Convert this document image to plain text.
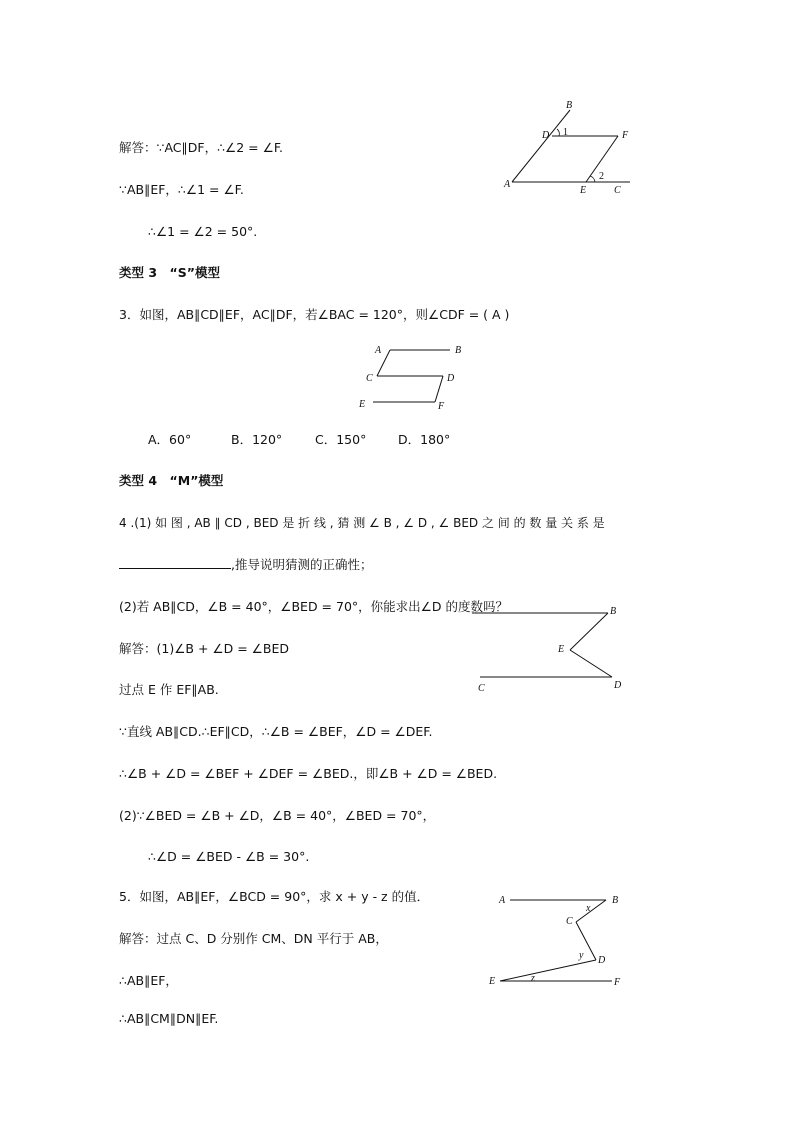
解答：∵AC∥DF，∴∠2 = ∠F.
∵AB∥EF，∴∠1 = ∠F.
∴∠1 = ∠2 = 50°.
B
D 1	F
A
E
2
C
类型 3　“S”模型
3．如图，AB∥CD∥EF，AC∥DF，若∠BAC = 120°，则∠CDF = ( A )
A	B
C	D
E	F
A．60°	B．120°	C．150°	D．180°
类型 4　“M”模型
4 .(1) 如 图 , AB ∥ CD , BED 是 折 线 , 猜 测 ∠ B , ∠ D , ∠ BED 之 间 的 数 量 关 系 是
,推导说明猜测的正确性；
(2)若 AB∥CD，∠B = 40°，∠BED = 70°，你能求出∠D 的度数吗？
解答：(1)∠B + ∠D = ∠BED
过点 E 作 EF∥AB.
∵直线 AB∥CD.∴EF∥CD，∴∠B = ∠BEF，∠D = ∠DEF.
∴∠B + ∠D = ∠BEF + ∠DEF = ∠BED.，即∠B + ∠D = ∠BED.
(2)∵∠BED = ∠B + ∠D，∠B = 40°，∠BED = 70°，
∴∠D = ∠BED - ∠B = 30°.
B
E
C	D
5．如图，AB∥EF，∠BCD = 90°，求 x + y - z 的值．
解答：过点 C、D 分别作 CM、DN 平行于 AB，
∴AB∥EF，
∴AB∥CM∥DN∥EF.
A	B
C
x
y D
E	z	F
